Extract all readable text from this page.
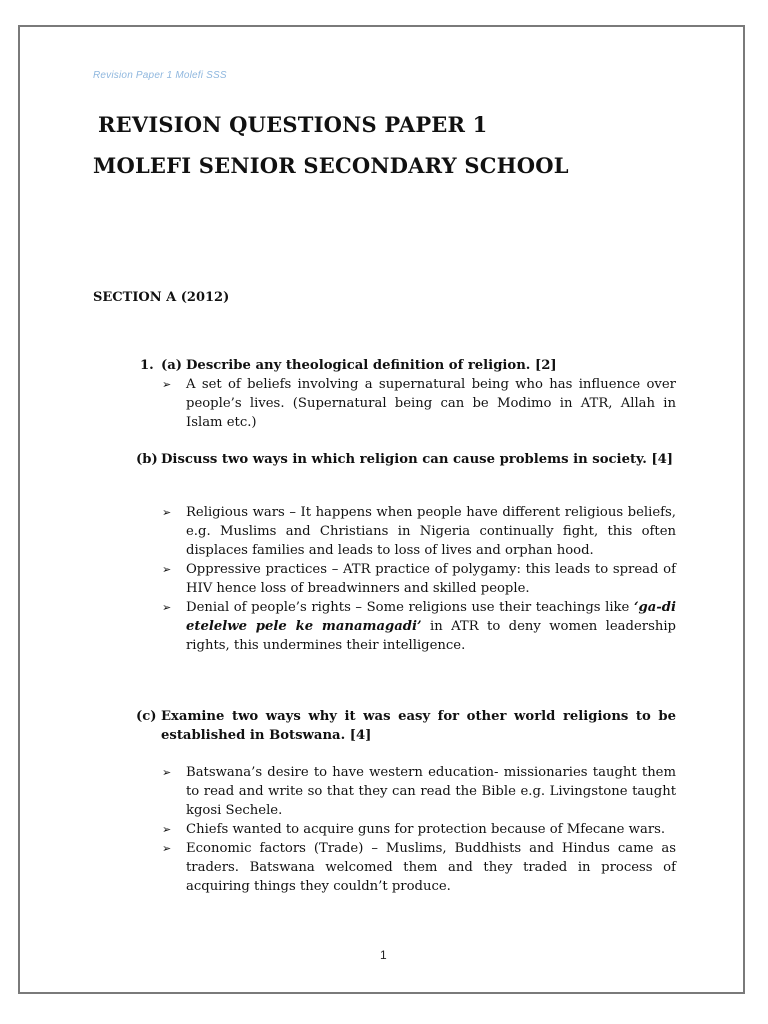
Revision Paper 1 Molefi SSS
REVISION QUESTIONS PAPER 1
MOLEFI SENIOR SECONDARY SCHOOL
SECTION A (2012)
1. (a) Describe any theological definition of religion. [2]
➢ A set of beliefs involving a supernatural being who has influence over people’s lives. (Supernatural being can be Modimo in ATR, Allah in Islam etc.)
(b) Discuss two ways in which religion can cause problems in society. [4]
➢ Religious wars – It happens when people have different religious beliefs, e.g. Muslims and Christians in Nigeria continually fight, this often displaces families and leads to loss of lives and orphan hood.
➢ Oppressive practices – ATR practice of polygamy: this leads to spread of HIV hence loss of breadwinners and skilled people.
➢ Denial of people’s rights – Some religions use their teachings like ‘ga-di etelelwe pele ke manamagadi’ in ATR to deny women leadership rights, this undermines their intelligence.
(c) Examine two ways why it was easy for other world religions to be established in Botswana. [4]
➢ Batswana’s desire to have western education- missionaries taught them to read and write so that they can read the Bible e.g. Livingstone taught kgosi Sechele.
➢ Chiefs wanted to acquire guns for protection because of Mfecane wars.
➢ Economic factors (Trade) – Muslims, Buddhists and Hindus came as traders. Batswana welcomed them and they traded in process of acquiring things they couldn’t produce.
1
